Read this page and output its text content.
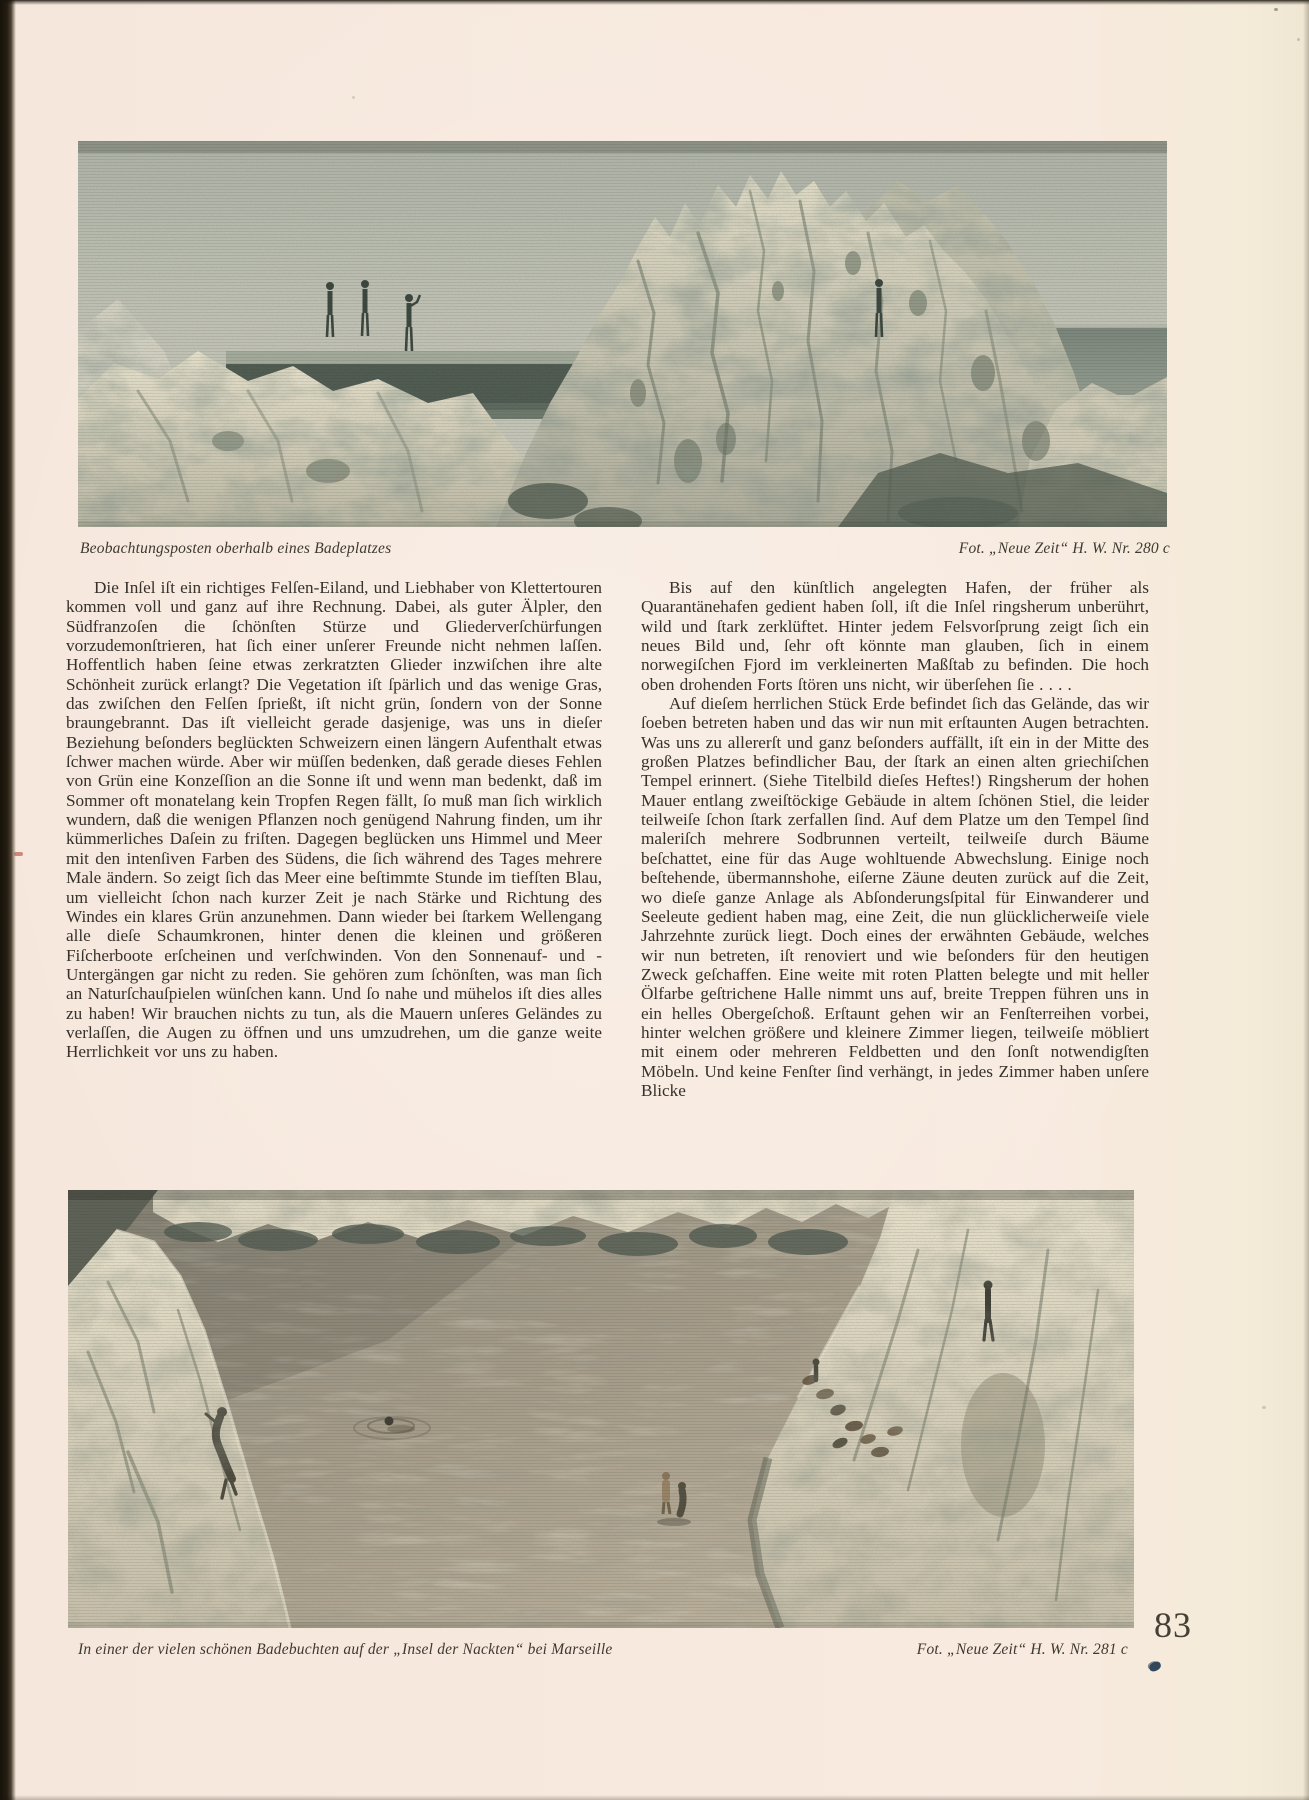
Beobachtungsposten oberhalb eines Badeplatzes	Fot. „Neue Zeit“ H. W. Nr. 280 c

Die Inſel iſt ein richtiges Felſen-Eiland, und Liebhaber von Klettertouren kommen voll und ganz auf ihre Rechnung. Dabei, als guter Älpler, den Südfranzoſen die ſchönſten Stürze und Gliederverſchürfungen vorzudemonſtrieren, hat ſich einer unſerer Freunde nicht nehmen laſſen. Hoffentlich haben ſeine etwas zerkratzten Glieder inzwiſchen ihre alte Schönheit zurück erlangt? Die Vegetation iſt ſpärlich und das wenige Gras, das zwiſchen den Felſen ſprießt, iſt nicht grün, ſondern von der Sonne braungebrannt. Das iſt vielleicht gerade dasjenige, was uns in dieſer Beziehung beſonders beglückten Schweizern einen längern Aufenthalt etwas ſchwer machen würde. Aber wir müſſen bedenken, daß gerade dieses Fehlen von Grün eine Konzeſſion an die Sonne iſt und wenn man bedenkt, daß im Sommer oft monatelang kein Tropfen Regen fällt, ſo muß man ſich wirklich wundern, daß die wenigen Pflanzen noch genügend Nahrung finden, um ihr kümmerliches Daſein zu friſten. Dagegen beglücken uns Himmel und Meer mit den intenſiven Farben des Südens, die ſich während des Tages mehrere Male ändern. So zeigt ſich das Meer eine beſtimmte Stunde im tiefſten Blau, um vielleicht ſchon nach kurzer Zeit je nach Stärke und Richtung des Windes ein klares Grün anzunehmen. Dann wieder bei ſtarkem Wellengang alle dieſe Schaumkronen, hinter denen die kleinen und größeren Fiſcherboote erſcheinen und verſchwinden. Von den Sonnenauf- und -Untergängen gar nicht zu reden. Sie gehören zum ſchönſten, was man ſich an Naturſchauſpielen wünſchen kann. Und ſo nahe und mühelos iſt dies alles zu haben! Wir brauchen nichts zu tun, als die Mauern unſeres Geländes zu verlaſſen, die Augen zu öffnen und uns umzudrehen, um die ganze weite Herrlichkeit vor uns zu haben.

Bis auf den künſtlich angelegten Hafen, der früher als Quarantänehafen gedient haben ſoll, iſt die Inſel ringsherum unberührt, wild und ſtark zerklüftet. Hinter jedem Felsvorſprung zeigt ſich ein neues Bild und, ſehr oft könnte man glauben, ſich in einem norwegiſchen Fjord im verkleinerten Maßſtab zu befinden. Die hoch oben drohenden Forts ſtören uns nicht, wir überſehen ſie . . . .

Auf dieſem herrlichen Stück Erde befindet ſich das Gelände, das wir ſoeben betreten haben und das wir nun mit erſtaunten Augen betrachten. Was uns zu allererſt und ganz beſonders auffällt, iſt ein in der Mitte des großen Platzes befindlicher Bau, der ſtark an einen alten griechiſchen Tempel erinnert. (Siehe Titelbild dieſes Heftes!) Ringsherum der hohen Mauer entlang zweiſtöckige Gebäude in altem ſchönen Stiel, die leider teilweiſe ſchon ſtark zerfallen ſind. Auf dem Platze um den Tempel ſind maleriſch mehrere Sodbrunnen verteilt, teilweiſe durch Bäume beſchattet, eine für das Auge wohltuende Abwechslung. Einige noch beſtehende, übermannshohe, eiſerne Zäune deuten zurück auf die Zeit, wo dieſe ganze Anlage als Abſonderungsſpital für Einwanderer und Seeleute gedient haben mag, eine Zeit, die nun glücklicherweiſe viele Jahrzehnte zurück liegt. Doch eines der erwähnten Gebäude, welches wir nun betreten, iſt renoviert und wie beſonders für den heutigen Zweck geſchaffen. Eine weite mit roten Platten belegte und mit heller Ölfarbe geſtrichene Halle nimmt uns auf, breite Treppen führen uns in ein helles Obergeſchoß. Erſtaunt gehen wir an Fenſterreihen vorbei, hinter welchen größere und kleinere Zimmer liegen, teilweiſe möbliert mit einem oder mehreren Feldbetten und den ſonſt notwendigſten Möbeln. Und keine Fenſter ſind verhängt, in jedes Zimmer haben unſere Blicke

In einer der vielen schönen Badebuchten auf der „Insel der Nackten“ bei Marseille	Fot. „Neue Zeit“ H. W. Nr. 281 c
83
